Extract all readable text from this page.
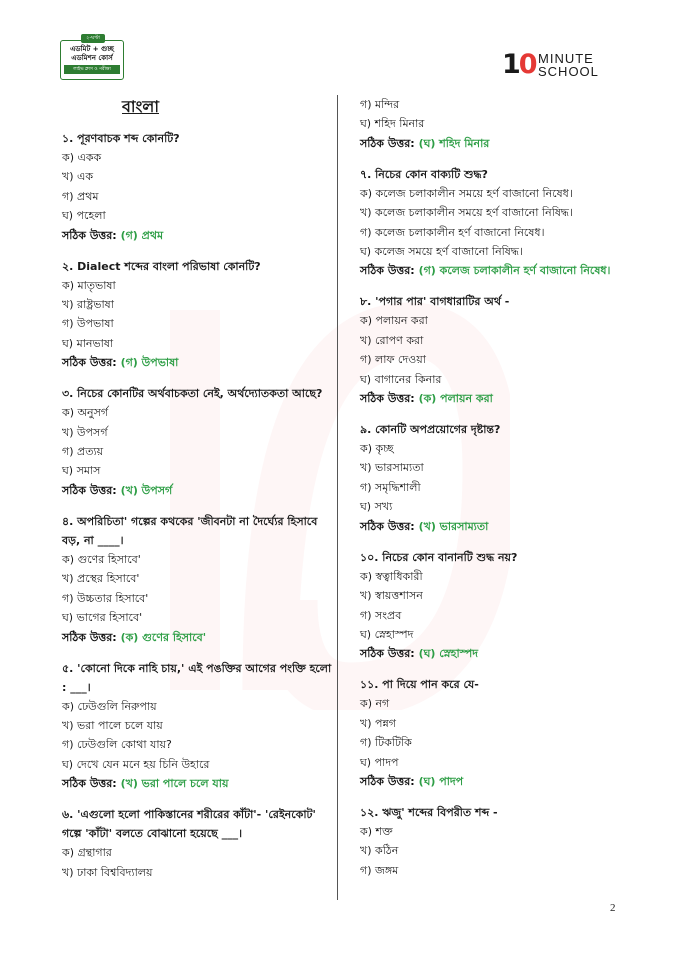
২-ঘণ্টা
এডমিট + গুচ্ছ
এডমিশন কোর্স
লাইভ ক্লাস ও পরীক্ষা	10 MINUTE
SCHOOL
বাংলা

১. পূরণবাচক শব্দ কোনটি?

ক) একক

খ) এক

গ) প্রথম

ঘ) পহেলা

সঠিক উত্তর: (গ) প্রথম

২. Dialect শব্দের বাংলা পরিভাষা কোনটি?

ক) মাতৃভাষা

খ) রাষ্ট্রভাষা

গ) উপভাষা

ঘ) মানভাষা

সঠিক উত্তর: (গ) উপভাষা

৩. নিচের কোনটির অর্থবাচকতা নেই, অর্থদ্যোতকতা আছে?

ক) অনুসর্গ

খ) উপসর্গ

গ) প্রত্যয়

ঘ) সমাস

সঠিক উত্তর: (খ) উপসর্গ

৪. অপরিচিতা' গল্পের কথকের 'জীবনটা না দৈর্ঘ্যের হিসাবে বড়, না ____।

ক) গুণের হিসাবে'

খ) প্রস্থের হিসাবে'

গ) উচ্চতার হিসাবে'

ঘ) ভাগের হিসাবে'

সঠিক উত্তর: (ক) গুণের হিসাবে'

৫. 'কোনো দিকে নাহি চায়,' এই পঙক্তির আগের পংক্তি হলো : ___।

ক) ঢেউগুলি নিরুপায়

খ) ভরা পালে চলে যায়

গ) ঢেউগুলি কোথা যায়?

ঘ) দেখে যেন মনে হয় চিনি উহারে

সঠিক উত্তর: (খ) ভরা পালে চলে যায়

৬. 'এগুলো হলো পাকিস্তানের শরীরের কাঁটা'- 'রেইনকোট' গল্পে 'কাঁটা' বলতে বোঝানো হয়েছে ___।

ক) গ্রন্থাগার

খ) ঢাকা বিশ্ববিদ্যালয়

গ) মন্দির

ঘ) শহিদ মিনার

সঠিক উত্তর: (ঘ) শহিদ মিনার

৭. নিচের কোন বাক্যটি শুদ্ধ?

ক) কলেজ চলাকালীন সময়ে হর্ণ বাজানো নিষেধ।

খ) কলেজ চলাকালীন সময়ে হর্ণ বাজানো নিষিদ্ধ।

গ) কলেজ চলাকালীন হর্ণ বাজানো নিষেধ।

ঘ) কলেজ সময়ে হর্ণ বাজানো নিষিদ্ধ।

সঠিক উত্তর: (গ) কলেজ চলাকালীন হর্ণ বাজানো নিষেধ।

৮. 'পগার পার' বাগধারাটির অর্থ -

ক) পলায়ন করা

খ) রোপণ করা

গ) লাফ দেওয়া

ঘ) বাগানের কিনার

সঠিক উত্তর: (ক) পলায়ন করা

৯. কোনটি অপপ্রয়োগের দৃষ্টান্ত?

ক) কৃচ্ছ

খ) ভারসাম্যতা

গ) সমৃদ্ধিশালী

ঘ) সখ্য

সঠিক উত্তর: (খ) ভারসাম্যতা

১০. নিচের কোন বানানটি শুদ্ধ নয়?

ক) স্বত্বাধিকারী

খ) স্বায়ত্তশাসন

গ) সংপ্রব

ঘ) স্নেহাস্পদ

সঠিক উত্তর: (ঘ) স্নেহাস্পদ

১১. পা দিয়ে পান করে যে-

ক) নগ

খ) পন্নগ

গ) টিকটিকি

ঘ) পাদপ

সঠিক উত্তর: (ঘ) পাদপ

১২. ঋজু' শব্দের বিপরীত শব্দ -

ক) শক্ত

খ) কঠিন

গ) জঙ্গম

2
